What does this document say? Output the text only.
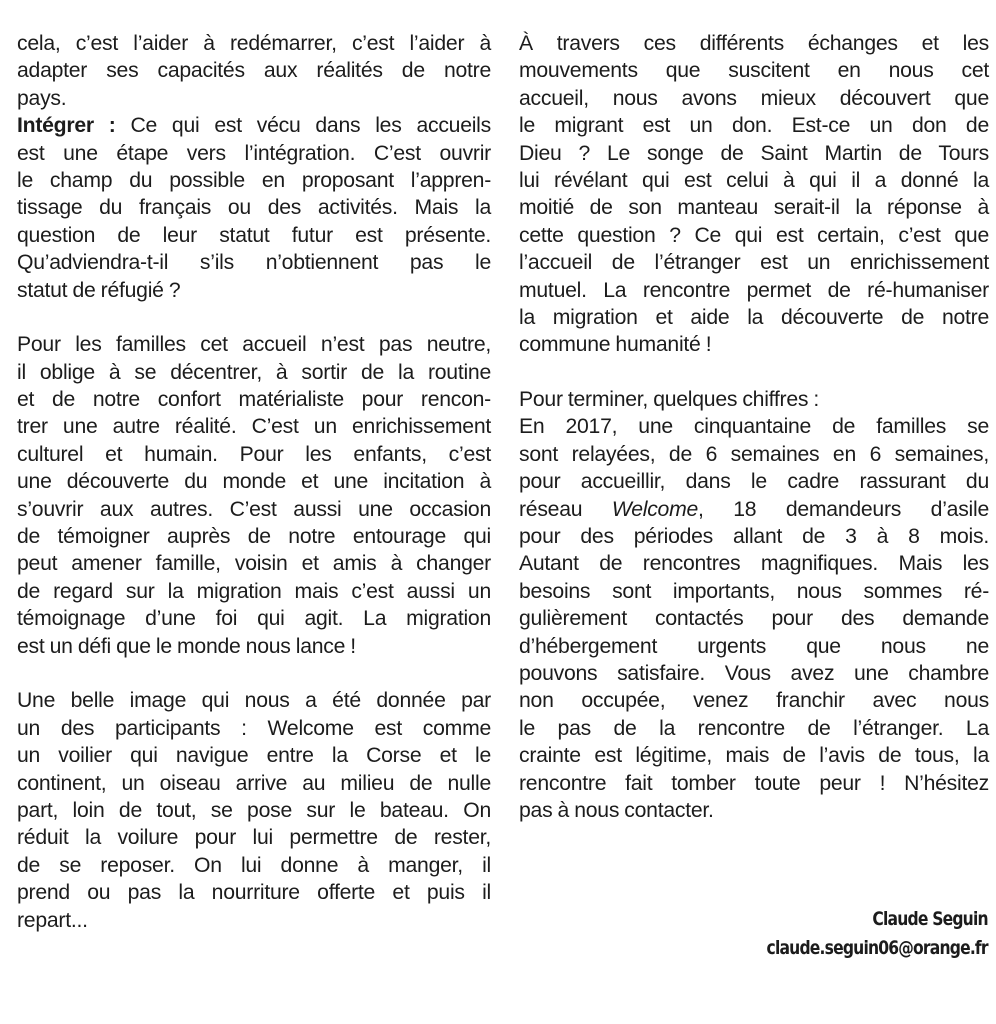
cela, c’est l’aider à redémarrer, c’est l’aider à
adapter ses capacités aux réalités de notre
pays.
Intégrer : Ce qui est vécu dans les accueils
est une étape vers l’intégration. C’est ouvrir
le champ du possible en proposant l’appren-
tissage du français ou des activités. Mais la
question de leur statut futur est présente.
Qu’adviendra-t-il s’ils n’obtiennent pas le
statut de réfugié ?
Pour les familles cet accueil n’est pas neutre,
il oblige à se décentrer, à sortir de la routine
et de notre confort matérialiste pour rencon-
trer une autre réalité. C’est un enrichissement
culturel et humain. Pour les enfants, c’est
une découverte du monde et une incitation à
s’ouvrir aux autres. C’est aussi une occasion
de témoigner auprès de notre entourage qui
peut amener famille, voisin et amis à changer
de regard sur la migration mais c’est aussi un
témoignage d’une foi qui agit. La migration
est un défi que le monde nous lance !
Une belle image qui nous a été donnée par
un des participants : Welcome est comme
un voilier qui navigue entre la Corse et le
continent, un oiseau arrive au milieu de nulle
part, loin de tout, se pose sur le bateau. On
réduit la voilure pour lui permettre de rester,
de se reposer. On lui donne à manger, il
prend ou pas la nourriture offerte et puis il
repart...
À travers ces différents échanges et les
mouvements que suscitent en nous cet
accueil, nous avons mieux découvert que
le migrant est un don. Est-ce un don de
Dieu ? Le songe de Saint Martin de Tours
lui révélant qui est celui à qui il a donné la
moitié de son manteau serait-il la réponse à
cette question ? Ce qui est certain, c’est que
l’accueil de l’étranger est un enrichissement
mutuel. La rencontre permet de ré-humaniser
la migration et aide la découverte de notre
commune humanité !
Pour terminer, quelques chiffres :
En 2017, une cinquantaine de familles se
sont relayées, de 6 semaines en 6 semaines,
pour accueillir, dans le cadre rassurant du
réseau Welcome, 18 demandeurs d’asile
pour des périodes allant de 3 à 8 mois.
Autant de rencontres magnifiques. Mais les
besoins sont importants, nous sommes ré-
gulièrement contactés pour des demande
d’hébergement urgents que nous ne
pouvons satisfaire. Vous avez une chambre
non occupée, venez franchir avec nous
le pas de la rencontre de l’étranger. La
crainte est légitime, mais de l’avis de tous, la
rencontre fait tomber toute peur ! N’hésitez
pas à nous contacter.
Claude Seguin
claude.seguin06@orange.fr
